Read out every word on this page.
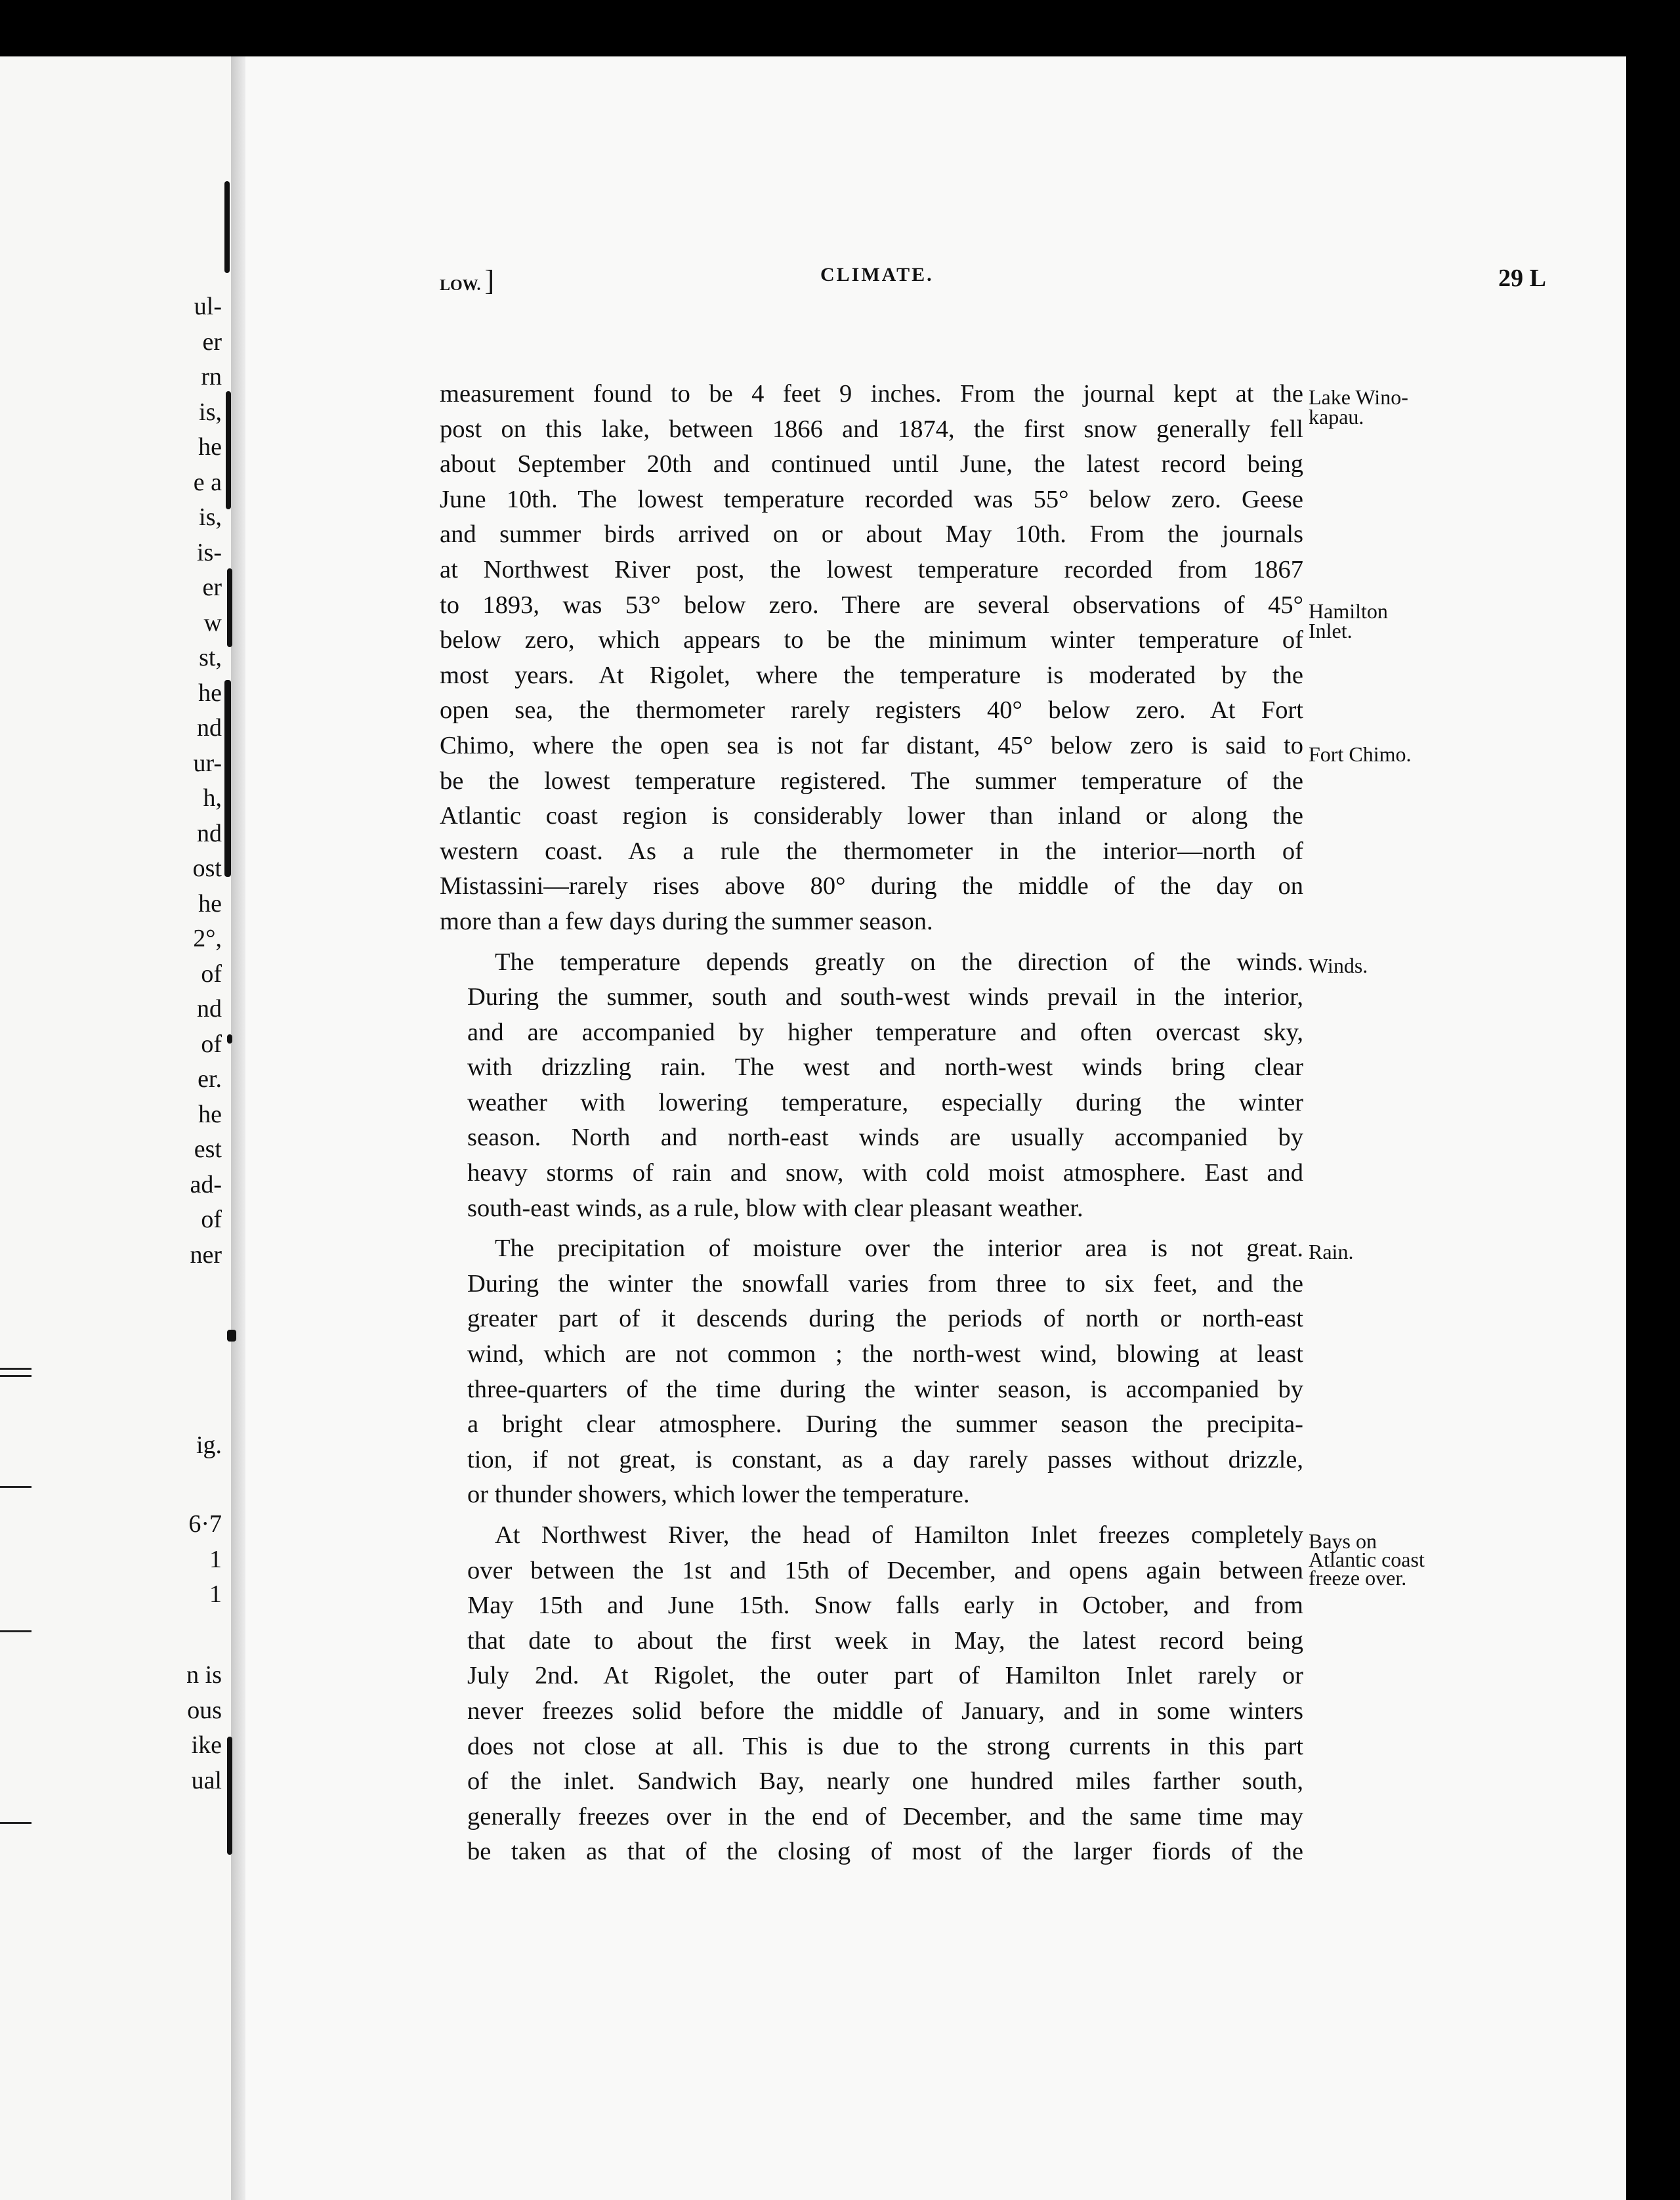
ul-
er
rn
is,
he
e a
is,
is-
er
w
st,
he
nd
ur-
h,
nd
ost
he
2°,
of
nd
of
er.
he
est
ad-
of
ner
ig.
6·7
1
1
n is
ous
ike
ual
LOW. ]	CLIMATE.	29 L

measurement found to be 4 feet 9 inches. From the journal kept at the
post on this lake, between 1866 and 1874, the first snow generally fell
about September 20th and continued until June, the latest record being
June 10th. The lowest temperature recorded was 55° below zero. Geese
and summer birds arrived on or about May 10th. From the journals
at Northwest River post, the lowest temperature recorded from 1867
to 1893, was 53° below zero. There are several observations of 45°
below zero, which appears to be the minimum winter temperature of
most years. At Rigolet, where the temperature is moderated by the
open sea, the thermometer rarely registers 40° below zero. At Fort
Chimo, where the open sea is not far distant, 45° below zero is said to
be the lowest temperature registered. The summer temperature of the
Atlantic coast region is considerably lower than inland or along the
western coast. As a rule the thermometer in the interior—north of
Mistassini—rarely rises above 80° during the middle of the day on
more than a few days during the summer season.

The temperature depends greatly on the direction of the winds.
During the summer, south and south-west winds prevail in the interior,
and are accompanied by higher temperature and often overcast sky,
with drizzling rain. The west and north-west winds bring clear
weather with lowering temperature, especially during the winter
season. North and north-east winds are usually accompanied by
heavy storms of rain and snow, with cold moist atmosphere. East and
south-east winds, as a rule, blow with clear pleasant weather.

The precipitation of moisture over the interior area is not great.
During the winter the snowfall varies from three to six feet, and the
greater part of it descends during the periods of north or north-east
wind, which are not common ; the north-west wind, blowing at least
three-quarters of the time during the winter season, is accompanied by
a bright clear atmosphere. During the summer season the precipita-
tion, if not great, is constant, as a day rarely passes without drizzle,
or thunder showers, which lower the temperature.

At Northwest River, the head of Hamilton Inlet freezes completely
over between the 1st and 15th of December, and opens again between
May 15th and June 15th. Snow falls early in October, and from
that date to about the first week in May, the latest record being
July 2nd. At Rigolet, the outer part of Hamilton Inlet rarely or
never freezes solid before the middle of January, and in some winters
does not close at all. This is due to the strong currents in this part
of the inlet. Sandwich Bay, nearly one hundred miles farther south,
generally freezes over in the end of December, and the same time may
be taken as that of the closing of most of the larger fiords of the

Lake Wino-
kapau.
Hamilton
Inlet.
Fort Chimo.
Winds.
Rain.
Bays on
Atlantic coast
freeze over.
